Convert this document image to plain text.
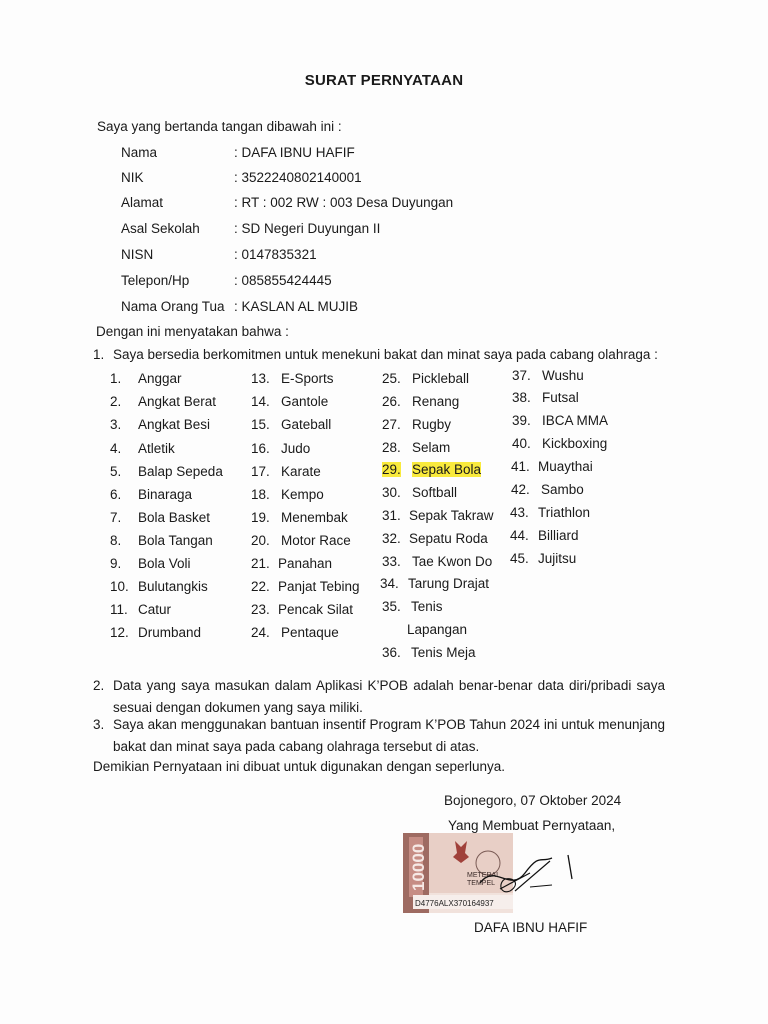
SURAT PERNYATAAN
Saya yang bertanda tangan dibawah ini :
Nama	: DAFA IBNU HAFIF
NIK	: 3522240802140001
Alamat	: RT : 002 RW : 003 Desa Duyungan
Asal Sekolah	: SD Negeri Duyungan II
NISN	: 0147835321
Telepon/Hp	: 085855424445
Nama Orang Tua : KASLAN AL MUJIB
Dengan ini menyatakan bahwa :
1. Saya bersedia berkomitmen untuk menekuni bakat dan minat saya pada cabang olahraga :
1. Anggar
2. Angkat Berat
3. Angkat Besi
4. Atletik
5. Balap Sepeda
6. Binaraga
7. Bola Basket
8. Bola Tangan
9. Bola Voli
10. Bulutangkis
11. Catur
12. Drumband
13. E-Sports
14. Gantole
15. Gateball
16. Judo
17. Karate
18. Kempo
19. Menembak
20. Motor Race
21. Panahan
22. Panjat Tebing
23. Pencak Silat
24. Pentaque
25. Pickleball
26. Renang
27. Rugby
28. Selam
29. Sepak Bola
30. Softball
31. Sepak Takraw
32. Sepatu Roda
33. Tae Kwon Do
34. Tarung Drajat
35. Tenis
Lapangan
36. Tenis Meja
37. Wushu
38. Futsal
39. IBCA MMA
40. Kickboxing
41. Muaythai
42. Sambo
43. Triathlon
44. Billiard
45. Jujitsu
2. Data yang saya masukan dalam Aplikasi K’POB adalah benar-benar data diri/pribadi saya sesuai dengan dokumen yang saya miliki.
3. Saya akan menggunakan bantuan insentif Program K’POB Tahun 2024 ini untuk menunjang bakat dan minat saya pada cabang olahraga tersebut di atas.
Demikian Pernyataan ini dibuat untuk digunakan dengan seperlunya.
Bojonegoro, 07 Oktober 2024
Yang Membuat Pernyataan,
10000	METERAI
TEMPEL
D4776ALX370164937
DAFA IBNU HAFIF
